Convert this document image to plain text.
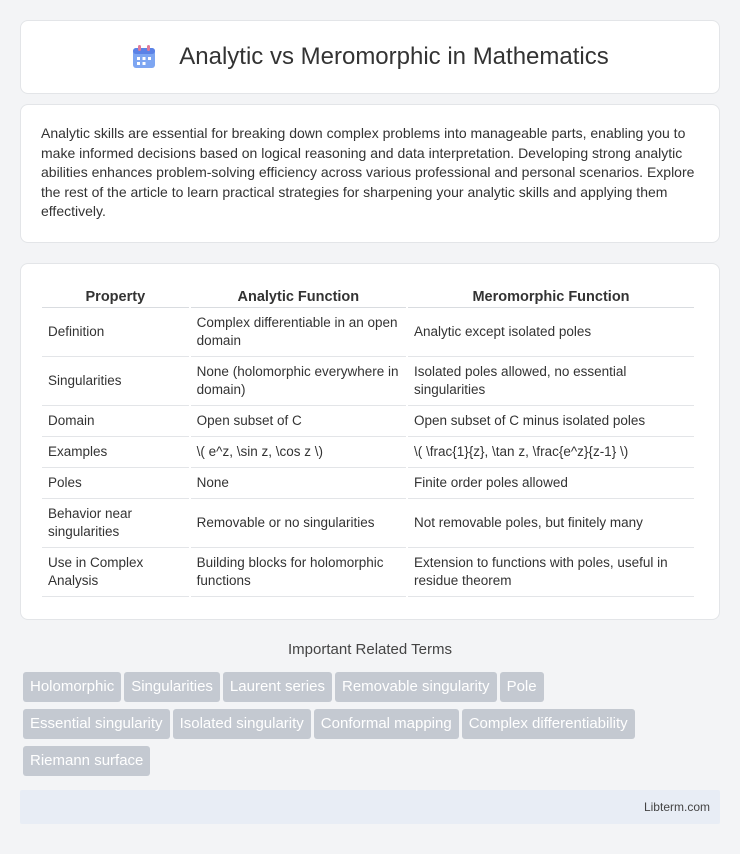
Analytic vs Meromorphic in Mathematics

Analytic skills are essential for breaking down complex problems into manageable parts, enabling you to make informed decisions based on logical reasoning and data interpretation. Developing strong analytic abilities enhances problem-solving efficiency across various professional and personal scenarios. Explore the rest of the article to learn practical strategies for sharpening your analytic skills and applying them effectively.

Property	Analytic Function	Meromorphic Function
Definition	Complex differentiable in an open domain	Analytic except isolated poles
Singularities	None (holomorphic everywhere in domain)	Isolated poles allowed, no essential singularities
Domain	Open subset of C	Open subset of C minus isolated poles
Examples	\( e^z, \sin z, \cos z \)	\( \frac{1}{z}, \tan z, \frac{e^z}{z-1} \)
Poles	None	Finite order poles allowed
Behavior near singularities	Removable or no singularities	Not removable poles, but finitely many
Use in Complex Analysis	Building blocks for holomorphic functions	Extension to functions with poles, useful in residue theorem
Important Related Terms
Holomorphic Singularities Laurent series Removable singularity Pole
Essential singularity Isolated singularity Conformal mapping Complex differentiability
Riemann surface
Libterm.com
